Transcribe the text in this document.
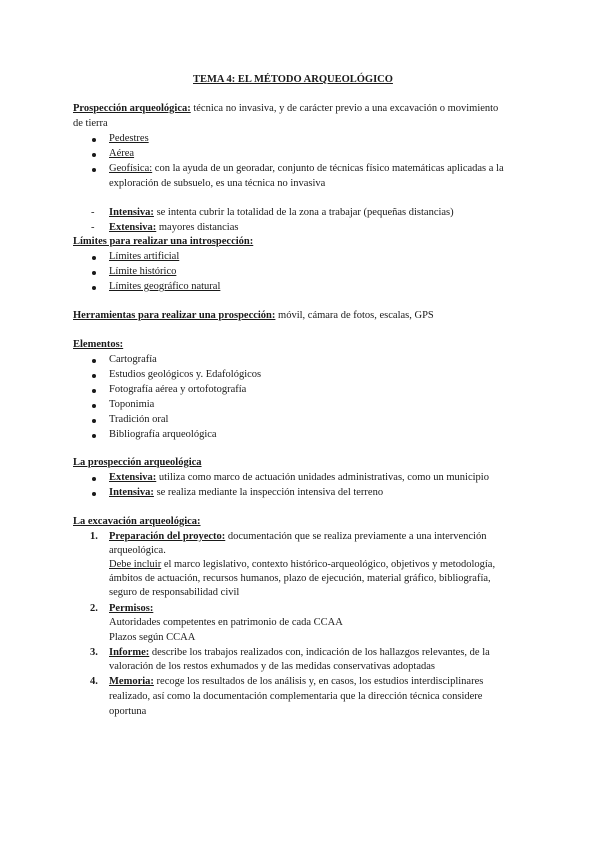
TEMA 4: EL MÉTODO ARQUEOLÓGICO
Prospección arqueológica: técnica no invasiva, y de carácter previo a una excavación o movimiento
de tierra
Pedestres
Aérea
Geofísica: con la ayuda de un georadar, conjunto de técnicas físico matemáticas aplicadas a la
exploración de subsuelo, es una técnica no invasiva
- Intensiva: se intenta cubrir la totalidad de la zona a trabajar (pequeñas distancias)
- Extensiva: mayores distancias
Límites para realizar una introspección:
Límites artificial
Límite histórico
Límites geográfico natural
Herramientas para realizar una prospección: móvil, cámara de fotos, escalas, GPS
Elementos:
Cartografía
Estudios geológicos y. Edafológicos
Fotografía aérea y ortofotografía
Toponimia
Tradición oral
Bibliografía arqueológica
La prospección arqueológica
Extensiva: utiliza como marco de actuación unidades administrativas, como un municipio
Intensiva: se realiza mediante la inspección intensiva del terreno
La excavación arqueológica:
1. Preparación del proyecto: documentación que se realiza previamente a una intervención
arqueológica.
Debe incluir el marco legislativo, contexto histórico-arqueológico, objetivos y metodología,
ámbitos de actuación, recursos humanos, plazo de ejecución, material gráfico, bibliografía,
seguro de responsabilidad civil
2. Permisos:
Autoridades competentes en patrimonio de cada CCAA
Plazos según CCAA
3. Informe: describe los trabajos realizados con, indicación de los hallazgos relevantes, de la
valoración de los restos exhumados y de las medidas conservativas adoptadas
4. Memoria: recoge los resultados de los análisis y, en casos, los estudios interdisciplinares
realizado, así como la documentación complementaria que la dirección técnica considere
oportuna
